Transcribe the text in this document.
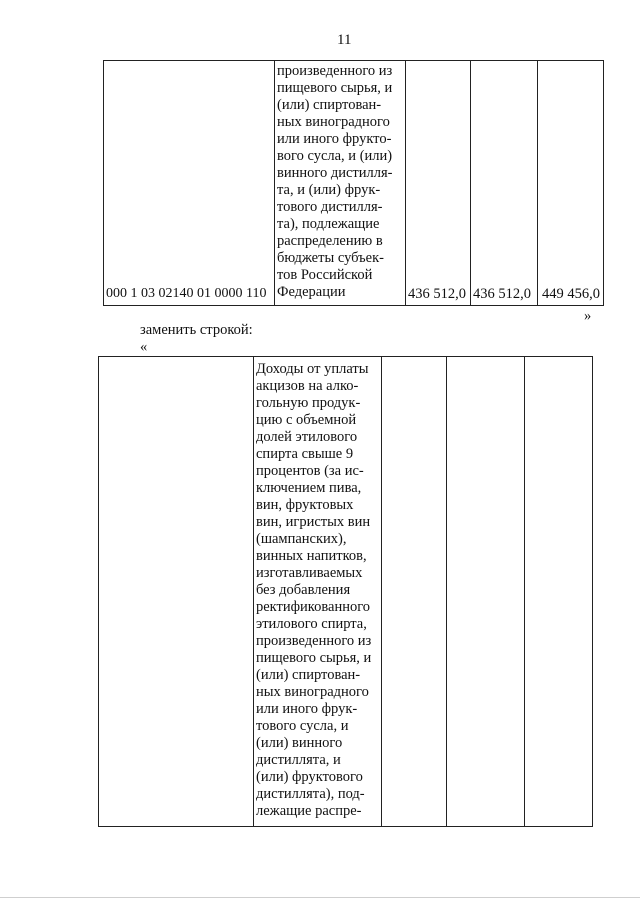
11
000 1 03 02140 01 0000 110
произведенного из
пищевого сырья, и
(или) спиртован-
ных виноградного
или иного фрукто-
вого сусла, и (или)
винного дистилля-
та, и (или) фрук-
тового дистилля-
та), подлежащие
распределению в
бюджеты субъек-
тов Российской
Федерации	436 512,0 436 512,0 449 456,0
»
заменить строкой:
«
Доходы от уплаты
акцизов на алко-
гольную продук-
цию с объемной
долей этилового
спирта свыше 9
процентов (за ис-
ключением пива,
вин, фруктовых
вин, игристых вин
(шампанских),
винных напитков,
изготавливаемых
без добавления
ректификованного
этилового спирта,
произведенного из
пищевого сырья, и
(или) спиртован-
ных виноградного
или иного фрук-
тового сусла, и
(или) винного
дистиллята, и
(или) фруктового
дистиллята), под-
лежащие распре-
